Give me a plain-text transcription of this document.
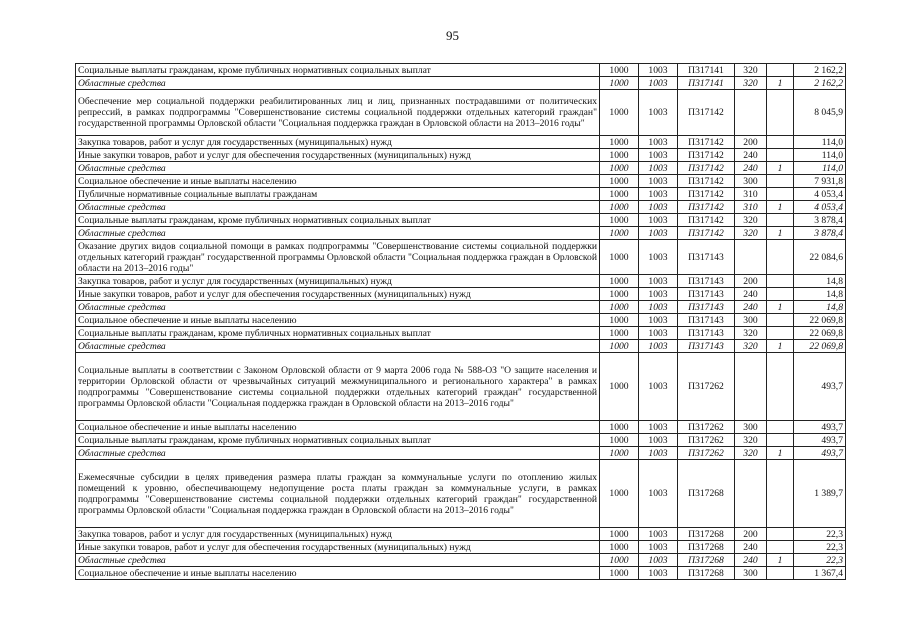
95
Социальные выплаты гражданам, кроме публичных нормативных социальных выплат	1000	1003	П317141	320		2 162,2
Областные средства	1000	1003	П317141	320	1	2 162,2
Обеспечение мер социальной поддержки реабилитированных лиц и лиц, признанных пострадавшими от политических репрессий, в рамках подпрограммы "Совершенствование системы социальной поддержки отдельных категорий граждан" государственной программы Орловской области "Социальная поддержка граждан в Орловской области на 2013–2016 годы"	1000	1003	П317142			8 045,9
Закупка товаров, работ и услуг для государственных (муниципальных) нужд	1000	1003	П317142	200		114,0
Иные закупки товаров, работ и услуг для обеспечения государственных (муниципальных) нужд	1000	1003	П317142	240		114,0
Областные средства	1000	1003	П317142	240	1	114,0
Социальное обеспечение и иные выплаты населению	1000	1003	П317142	300		7 931,8
Публичные нормативные социальные выплаты гражданам	1000	1003	П317142	310		4 053,4
Областные средства	1000	1003	П317142	310	1	4 053,4
Социальные выплаты гражданам, кроме публичных нормативных социальных выплат	1000	1003	П317142	320		3 878,4
Областные средства	1000	1003	П317142	320	1	3 878,4
Оказание других видов социальной помощи в рамках подпрограммы "Совершенствование системы социальной поддержки отдельных категорий граждан" государственной программы Орловской области "Социальная поддержка граждан в Орловской области на 2013–2016 годы"	1000	1003	П317143			22 084,6
Закупка товаров, работ и услуг для государственных (муниципальных) нужд	1000	1003	П317143	200		14,8
Иные закупки товаров, работ и услуг для обеспечения государственных (муниципальных) нужд	1000	1003	П317143	240		14,8
Областные средства	1000	1003	П317143	240	1	14,8
Социальное обеспечение и иные выплаты населению	1000	1003	П317143	300		22 069,8
Социальные выплаты гражданам, кроме публичных нормативных социальных выплат	1000	1003	П317143	320		22 069,8
Областные средства	1000	1003	П317143	320	1	22 069,8
Социальные выплаты в соответствии с Законом Орловской области от 9 марта 2006 года № 588-ОЗ "О защите населения и территории Орловской области от чрезвычайных ситуаций межмуниципального и регионального характера" в рамках подпрограммы "Совершенствование системы социальной поддержки отдельных категорий граждан" государственной программы Орловской области "Социальная поддержка граждан в Орловской области на 2013–2016 годы"	1000	1003	П317262			493,7
Социальное обеспечение и иные выплаты населению	1000	1003	П317262	300		493,7
Социальные выплаты гражданам, кроме публичных нормативных социальных выплат	1000	1003	П317262	320		493,7
Областные средства	1000	1003	П317262	320	1	493,7
Ежемесячные субсидии в целях приведения размера платы граждан за коммунальные услуги по отоплению жилых помещений к уровню, обеспечивающему недопущение роста платы граждан за коммунальные услуги, в рамках подпрограммы "Совершенствование системы социальной поддержки отдельных категорий граждан" государственной программы Орловской области "Социальная поддержка граждан в Орловской области на 2013–2016 годы"	1000	1003	П317268			1 389,7
Закупка товаров, работ и услуг для государственных (муниципальных) нужд	1000	1003	П317268	200		22,3
Иные закупки товаров, работ и услуг для обеспечения государственных (муниципальных) нужд	1000	1003	П317268	240		22,3
Областные средства	1000	1003	П317268	240	1	22,3
Социальное обеспечение и иные выплаты населению	1000	1003	П317268	300		1 367,4
